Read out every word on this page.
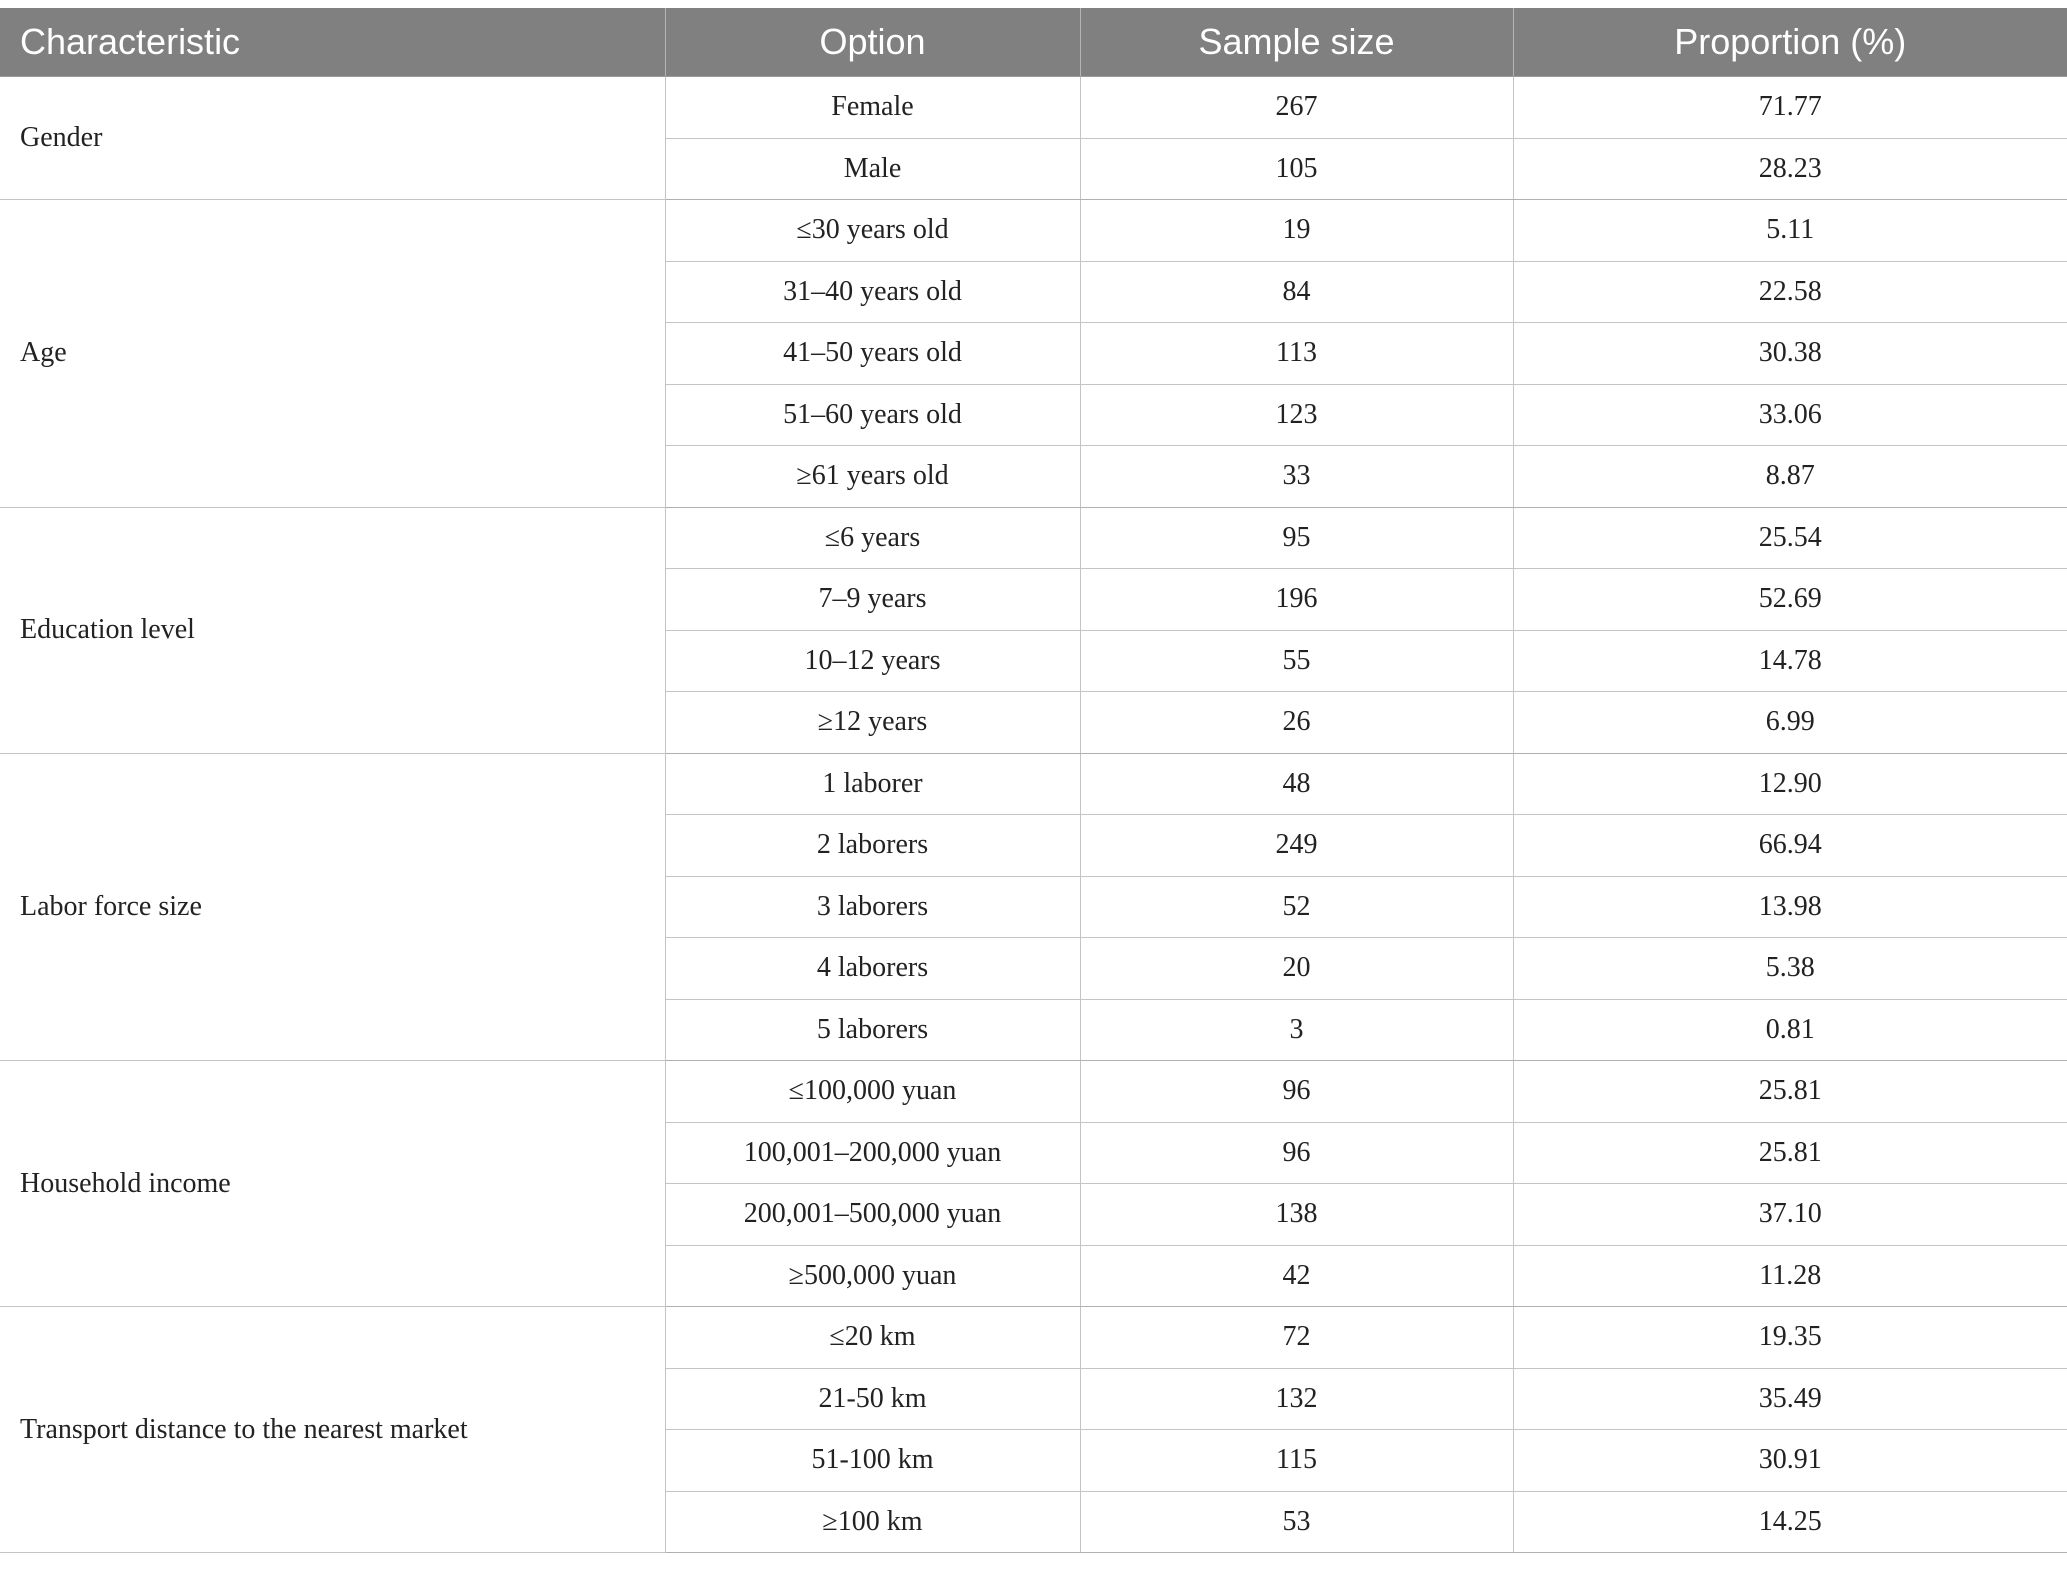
Characteristic	Option	Sample size	Proportion (%)
Gender	Female	267	71.77
	Male	105	28.23
Age	≤30 years old	19	5.11
	31–40 years old	84	22.58
	41–50 years old	113	30.38
	51–60 years old	123	33.06
	≥61 years old	33	8.87
Education level	≤6 years	95	25.54
	7–9 years	196	52.69
	10–12 years	55	14.78
	≥12 years	26	6.99
Labor force size	1 laborer	48	12.90
	2 laborers	249	66.94
	3 laborers	52	13.98
	4 laborers	20	5.38
	5 laborers	3	0.81
Household income	≤100,000 yuan	96	25.81
	100,001–200,000 yuan	96	25.81
	200,001–500,000 yuan	138	37.10
	≥500,000 yuan	42	11.28
Transport distance to the nearest market	≤20 km	72	19.35
	21-50 km	132	35.49
	51-100 km	115	30.91
	≥100 km	53	14.25
